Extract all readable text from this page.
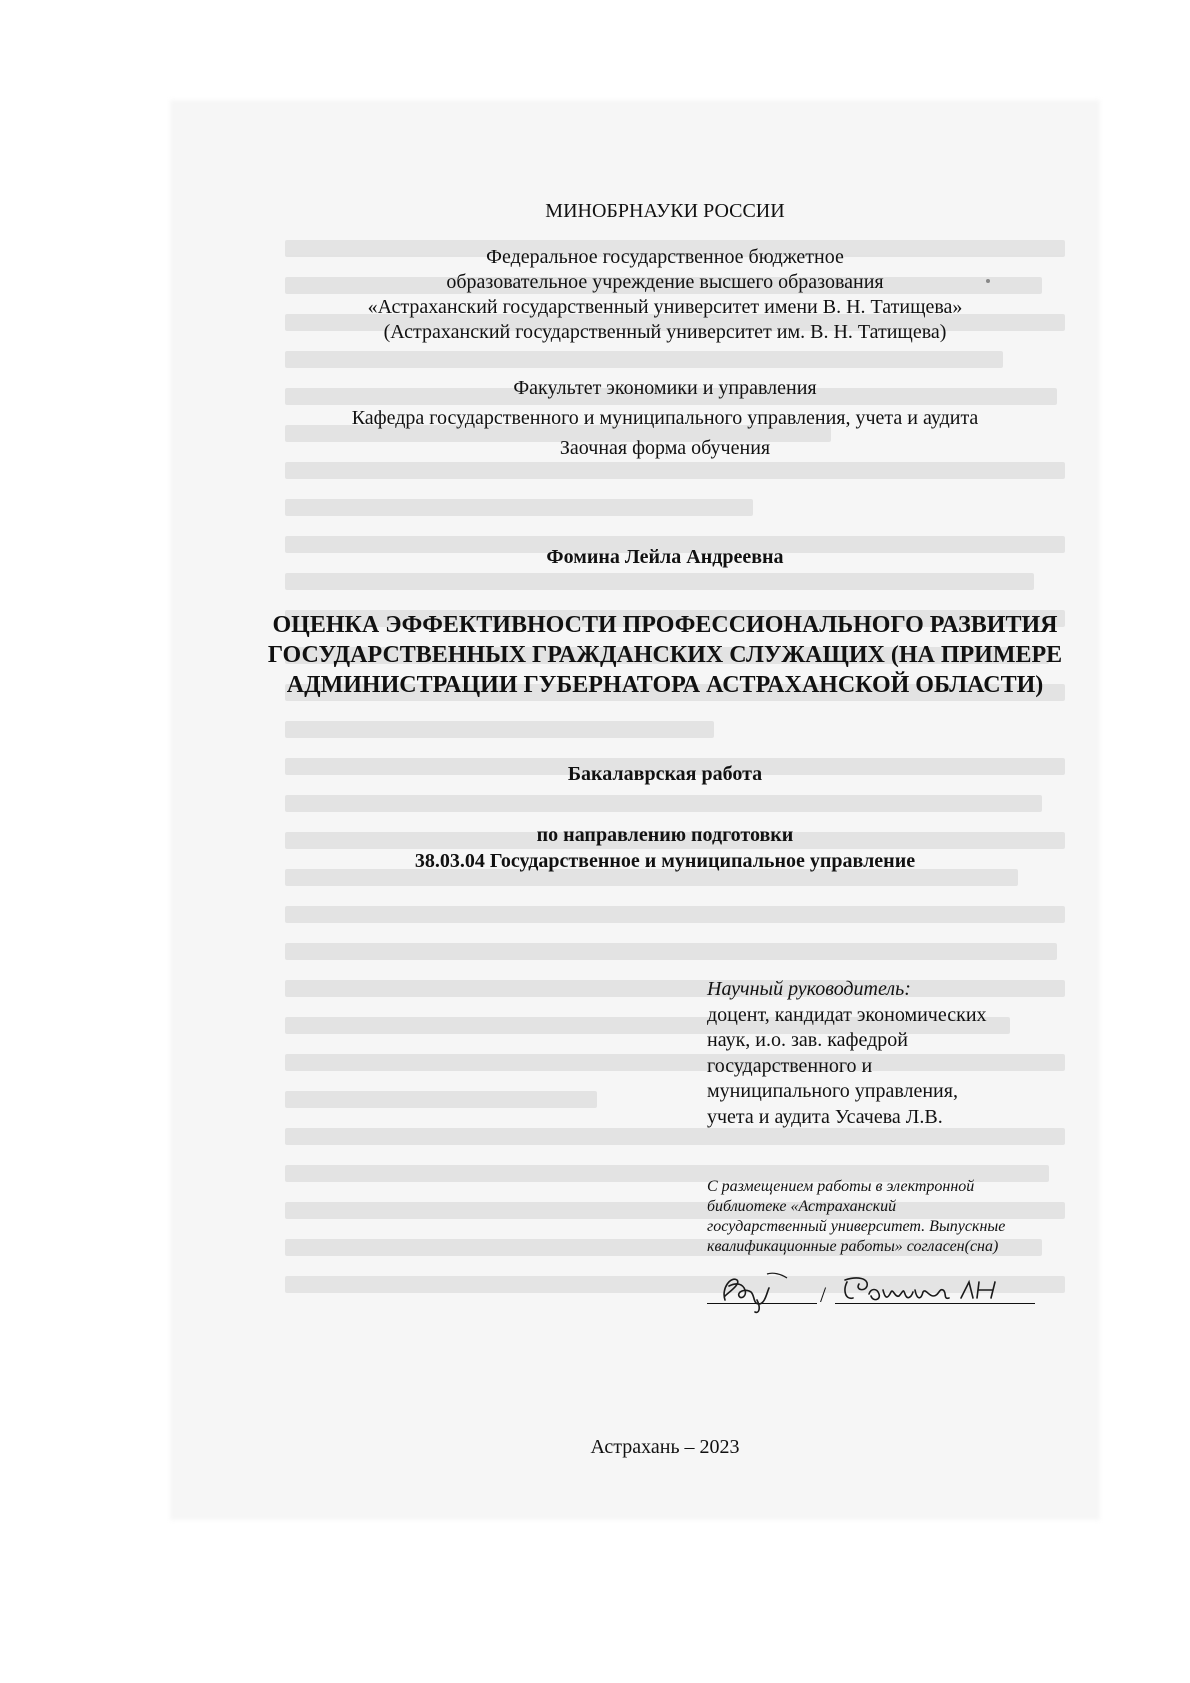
МИНОБРНАУКИ РОССИИ
Федеральное государственное бюджетное
образовательное учреждение высшего образования
«Астраханский государственный университет имени В. Н. Татищева»
(Астраханский государственный университет им. В. Н. Татищева)
Факультет экономики и управления
Кафедра государственного и муниципального управления, учета и аудита
Заочная форма обучения
Фомина Лейла Андреевна
ОЦЕНКА ЭФФЕКТИВНОСТИ ПРОФЕССИОНАЛЬНОГО РАЗВИТИЯ
ГОСУДАРСТВЕННЫХ ГРАЖДАНСКИХ СЛУЖАЩИХ (НА ПРИМЕРЕ
АДМИНИСТРАЦИИ ГУБЕРНАТОРА АСТРАХАНСКОЙ ОБЛАСТИ)
Бакалаврская работа
по направлению подготовки
38.03.04 Государственное и муниципальное управление
Научный руководитель:
доцент, кандидат экономических
наук, и.о. зав. кафедрой
государственного и
муниципального управления,
учета и аудита Усачева Л.В.
С размещением работы в электронной
библиотеке «Астраханский
государственный университет. Выпускные
квалификационные работы» согласен(сна)
/
Астрахань – 2023
